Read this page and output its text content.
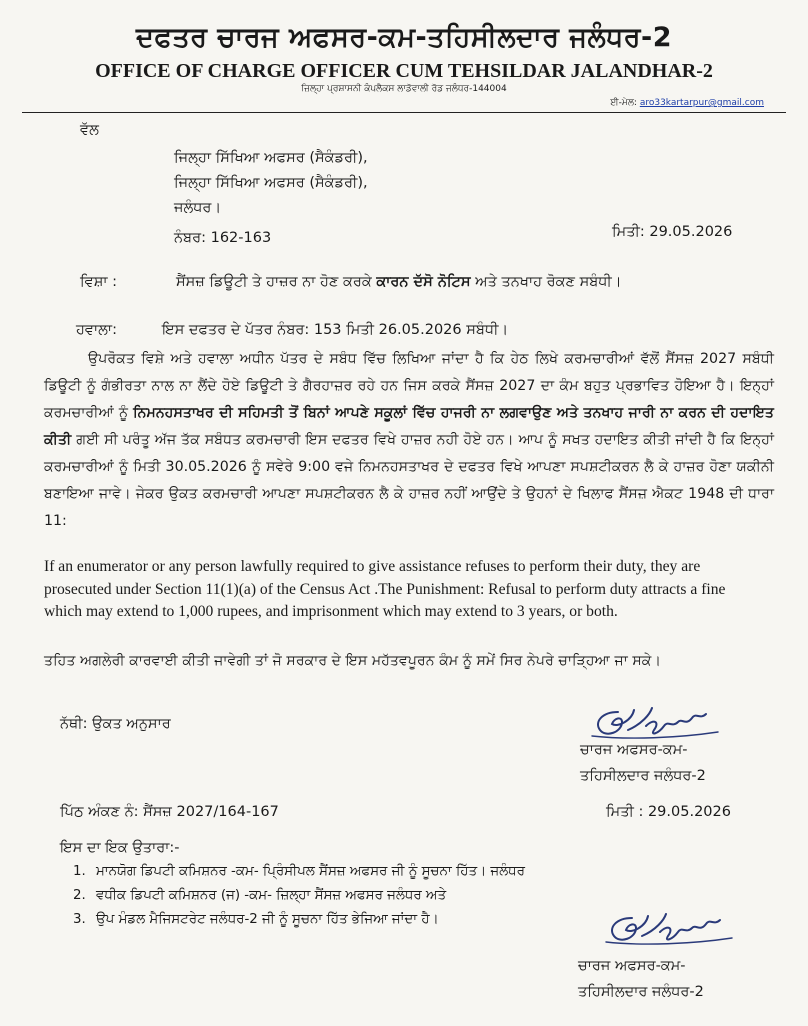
ਦਫਤਰ ਚਾਰਜ ਅਫਸਰ-ਕਮ-ਤਹਿਸੀਲਦਾਰ ਜਲੰਧਰ-2
OFFICE OF CHARGE OFFICER CUM TEHSILDAR JALANDHAR-2
ਜ਼ਿਲ੍ਹਾ ਪ੍ਰਸ਼ਾਸਨੀ ਕੰਪਲੈਕਸ ਲਾਡੋਵਾਲੀ ਰੋਡ ਜਲੰਧਰ-144004
ਈ-ਮੇਲ: aro33kartarpur@gmail.com
ਵੱਲ
ਜਿਲ੍ਹਾ ਸਿੱਖਿਆ ਅਫਸਰ (ਸੈਕੰਡਰੀ),
ਜਿਲ੍ਹਾ ਸਿੱਖਿਆ ਅਫਸਰ (ਸੈਕੰਡਰੀ),
ਜਲੰਧਰ।
ਨੰਬਰ: 162-163	ਮਿਤੀ: 29.05.2026
ਵਿਸ਼ਾ :	ਸੈਂਸਜ਼ ਡਿਊਟੀ ਤੇ ਹਾਜ਼ਰ ਨਾ ਹੋਣ ਕਰਕੇ ਕਾਰਨ ਦੱਸੋ ਨੋਟਿਸ ਅਤੇ ਤਨਖਾਹ ਰੋਕਣ ਸਬੰਧੀ।
ਹਵਾਲਾ:	ਇਸ ਦਫਤਰ ਦੇ ਪੱਤਰ ਨੰਬਰ: 153 ਮਿਤੀ 26.05.2026 ਸਬੰਧੀ।

ਉਪਰੋਕਤ ਵਿਸ਼ੇ ਅਤੇ ਹਵਾਲਾ ਅਧੀਨ ਪੱਤਰ ਦੇ ਸਬੰਧ ਵਿੱਚ ਲਿਖਿਆ ਜਾਂਦਾ ਹੈ ਕਿ ਹੇਠ ਲਿਖੇ ਕਰਮਚਾਰੀਆਂ ਵੱਲੋਂ ਸੈਂਸਜ਼ 2027 ਸਬੰਧੀ ਡਿਊਟੀ ਨੂੰ ਗੰਭੀਰਤਾ ਨਾਲ ਨਾ ਲੈਂਦੇ ਹੋਏ ਡਿਊਟੀ ਤੇ ਗੈਰਹਾਜ਼ਰ ਰਹੇ ਹਨ ਜਿਸ ਕਰਕੇ ਸੈਂਸਜ਼ 2027 ਦਾ ਕੰਮ ਬਹੁਤ ਪ੍ਰਭਾਵਿਤ ਹੋਇਆ ਹੈ। ਇਨ੍ਹਾਂ ਕਰਮਚਾਰੀਆਂ ਨੂੰ ਨਿਮਨਹਸਤਾਖਰ ਦੀ ਸਹਿਮਤੀ ਤੋਂ ਬਿਨਾਂ ਆਪਣੇ ਸਕੂਲਾਂ ਵਿੱਚ ਹਾਜਰੀ ਨਾ ਲਗਵਾਉਣ ਅਤੇ ਤਨਖਾਹ ਜਾਰੀ ਨਾ ਕਰਨ ਦੀ ਹਦਾਇਤ ਕੀਤੀ ਗਈ ਸੀ ਪਰੰਤੂ ਅੱਜ ਤੱਕ ਸਬੰਧਤ ਕਰਮਚਾਰੀ ਇਸ ਦਫਤਰ ਵਿਖੇ ਹਾਜ਼ਰ ਨਹੀ ਹੋਏ ਹਨ। ਆਪ ਨੂੰ ਸਖਤ ਹਦਾਇਤ ਕੀਤੀ ਜਾਂਦੀ ਹੈ ਕਿ ਇਨ੍ਹਾਂ ਕਰਮਚਾਰੀਆਂ ਨੂੰ ਮਿਤੀ 30.05.2026 ਨੂੰ ਸਵੇਰੇ 9:00 ਵਜੇ ਨਿਮਨਹਸਤਾਖਰ ਦੇ ਦਫਤਰ ਵਿਖੇ ਆਪਣਾ ਸਪਸ਼ਟੀਕਰਨ ਲੈ ਕੇ ਹਾਜ਼ਰ ਹੋਣਾ ਯਕੀਨੀ ਬਣਾਇਆ ਜਾਵੇ। ਜੇਕਰ ਉਕਤ ਕਰਮਚਾਰੀ ਆਪਣਾ ਸਪਸ਼ਟੀਕਰਨ ਲੈ ਕੇ ਹਾਜ਼ਰ ਨਹੀਂ ਆਉਂਦੇ ਤੇ ਉਹਨਾਂ ਦੇ ਖਿਲਾਫ ਸੈਂਸਜ਼ ਐਕਟ 1948 ਦੀ ਧਾਰਾ 11:

If an enumerator or any person lawfully required to give assistance refuses to perform their duty, they are prosecuted under Section 11(1)(a) of the Census Act .The Punishment: Refusal to perform duty attracts a fine which may extend to 1,000 rupees, and imprisonment which may extend to 3 years, or both.
ਤਹਿਤ ਅਗਲੇਰੀ ਕਾਰਵਾਈ ਕੀਤੀ ਜਾਵੇਗੀ ਤਾਂ ਜੋ ਸਰਕਾਰ ਦੇ ਇਸ ਮਹੱਤਵਪੂਰਨ ਕੰਮ ਨੂੰ ਸਮੇਂ ਸਿਰ ਨੇਪਰੇ ਚਾੜ੍ਹਿਆ ਜਾ ਸਕੇ।
ਨੱਥੀ: ਉਕਤ ਅਨੁਸਾਰ
ਚਾਰਜ ਅਫਸਰ-ਕਮ-
ਤਹਿਸੀਲਦਾਰ ਜਲੰਧਰ-2
ਪਿੱਠ ਅੰਕਣ ਨੰ: ਸੈਂਸਜ਼ 2027/164-167	ਮਿਤੀ : 29.05.2026
ਇਸ ਦਾ ਇਕ ਉਤਾਰਾ:-
1. ਮਾਨਯੋਗ ਡਿਪਟੀ ਕਮਿਸ਼ਨਰ -ਕਮ- ਪ੍ਰਿੰਸੀਪਲ ਸੈਂਸਜ਼ ਅਫਸਰ ਜੀ ਨੂੰ ਸੂਚਨਾ ਹਿੱਤ। ਜਲੰਧਰ
2. ਵਧੀਕ ਡਿਪਟੀ ਕਮਿਸ਼ਨਰ (ਜ) -ਕਮ- ਜ਼ਿਲ੍ਹਾ ਸੈਂਸਜ਼ ਅਫਸਰ ਜਲੰਧਰ ਅਤੇ
3. ਉਪ ਮੰਡਲ ਮੈਜਿਸਟਰੇਟ ਜਲੰਧਰ-2 ਜੀ ਨੂੰ ਸੂਚਨਾ ਹਿੱਤ ਭੇਜਿਆ ਜਾਂਦਾ ਹੈ।
ਚਾਰਜ ਅਫਸਰ-ਕਮ-
ਤਹਿਸੀਲਦਾਰ ਜਲੰਧਰ-2
